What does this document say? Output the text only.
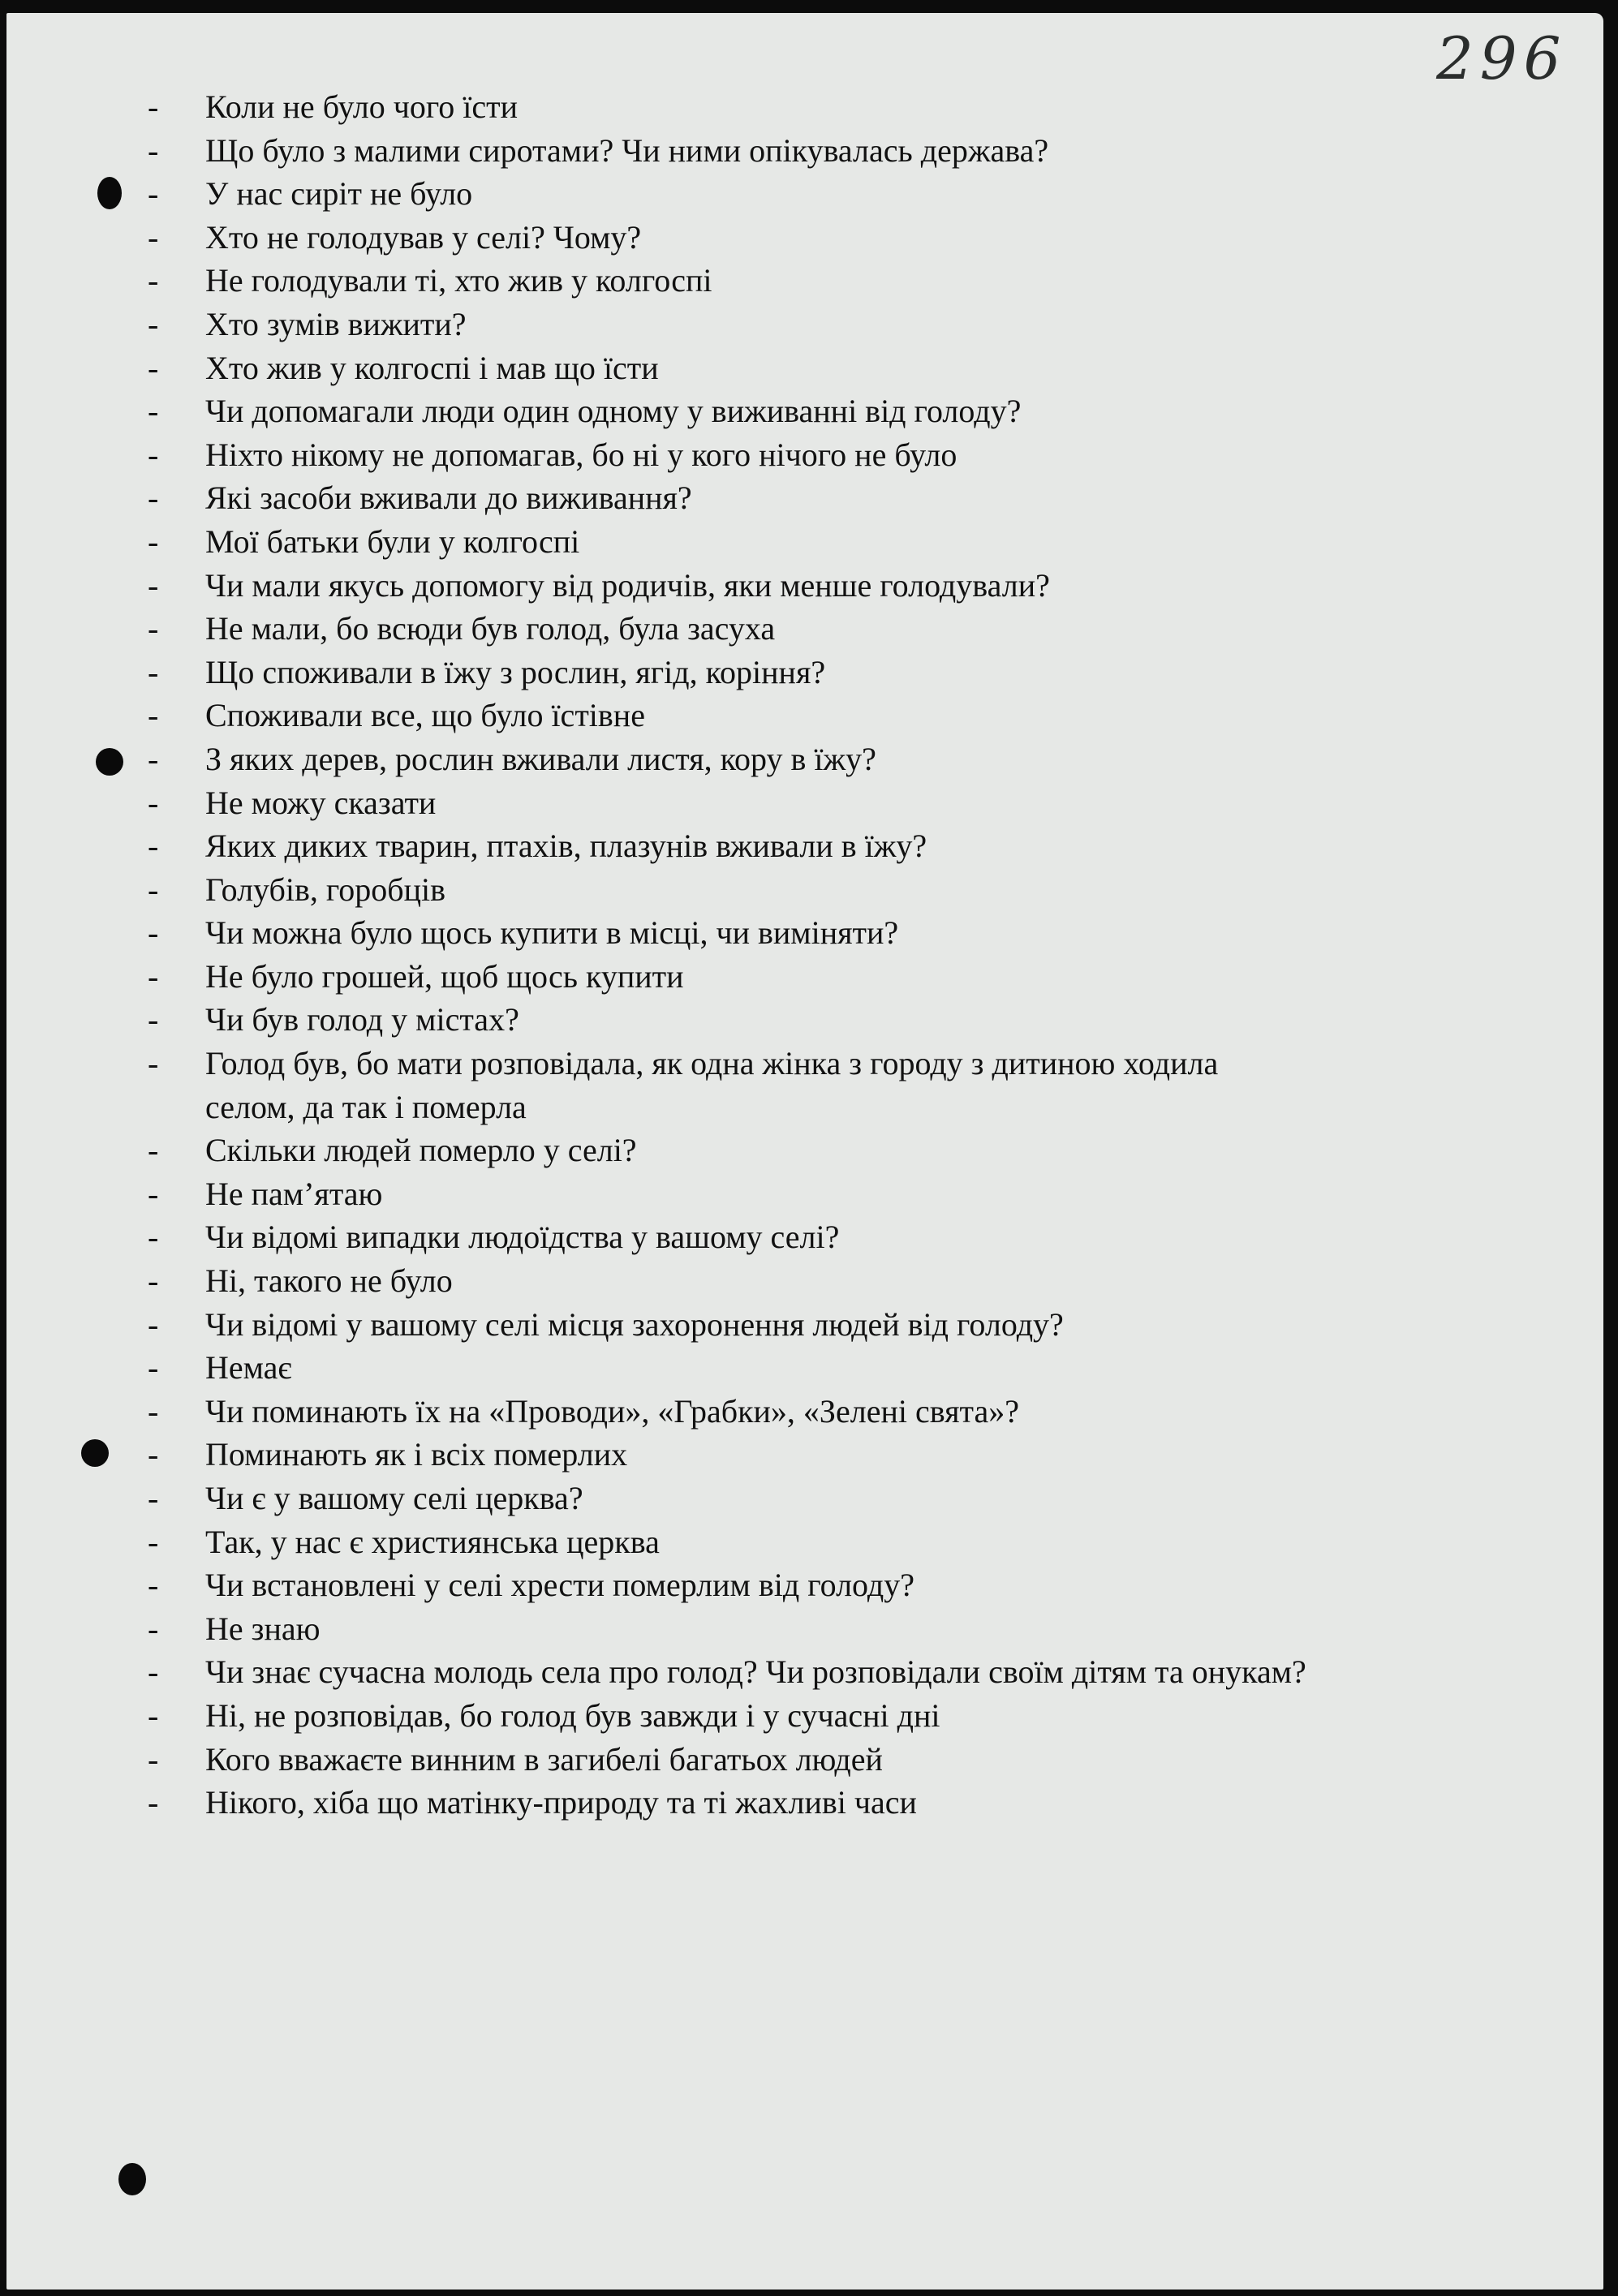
296
- Коли не було чого їсти
- Що було з малими сиротами? Чи ними опікувалась держава?
- У нас сиріт не було
- Хто не голодував у селі? Чому?
- Не голодували ті, хто жив у колгоспі
- Хто зумів вижити?
- Хто жив у колгоспі і мав що їсти
- Чи допомагали люди один одному у виживанні від голоду?
- Ніхто нікому не допомагав, бо ні у кого нічого не було
- Які засоби вживали до виживання?
- Мої батьки були у колгоспі
- Чи мали якусь допомогу від родичів, яки менше голодували?
- Не мали, бо всюди був голод, була засуха
- Що споживали в їжу з рослин, ягід, коріння?
- Споживали все, що було їстівне
- З яких дерев, рослин вживали листя, кору в їжу?
- Не можу сказати
- Яких диких тварин, птахів, плазунів вживали в їжу?
- Голубів, горобців
- Чи можна було щось купити в місці, чи виміняти?
- Не було грошей, щоб щось купити
- Чи був голод у містах?
- Голод був, бо мати розповідала, як одна жінка з городу з дитиною ходила
селом, да так і померла
- Скільки людей померло у селі?
- Не пам’ятаю
- Чи відомі випадки людоїдства у вашому селі?
- Ні, такого не було
- Чи відомі у вашому селі місця захоронення людей від голоду?
- Немає
- Чи поминають їх на «Проводи», «Грабки», «Зелені свята»?
- Поминають як і всіх померлих
- Чи є у вашому селі церква?
- Так, у нас є християнська церква
- Чи встановлені у селі хрести померлим від голоду?
- Не знаю
- Чи знає сучасна молодь села про голод? Чи розповідали своїм дітям та онукам?
- Ні, не розповідав, бо голод був завжди і у сучасні дні
- Кого вважаєте винним в загибелі багатьох людей
- Нікого, хіба що матінку-природу та ті жахливі часи
